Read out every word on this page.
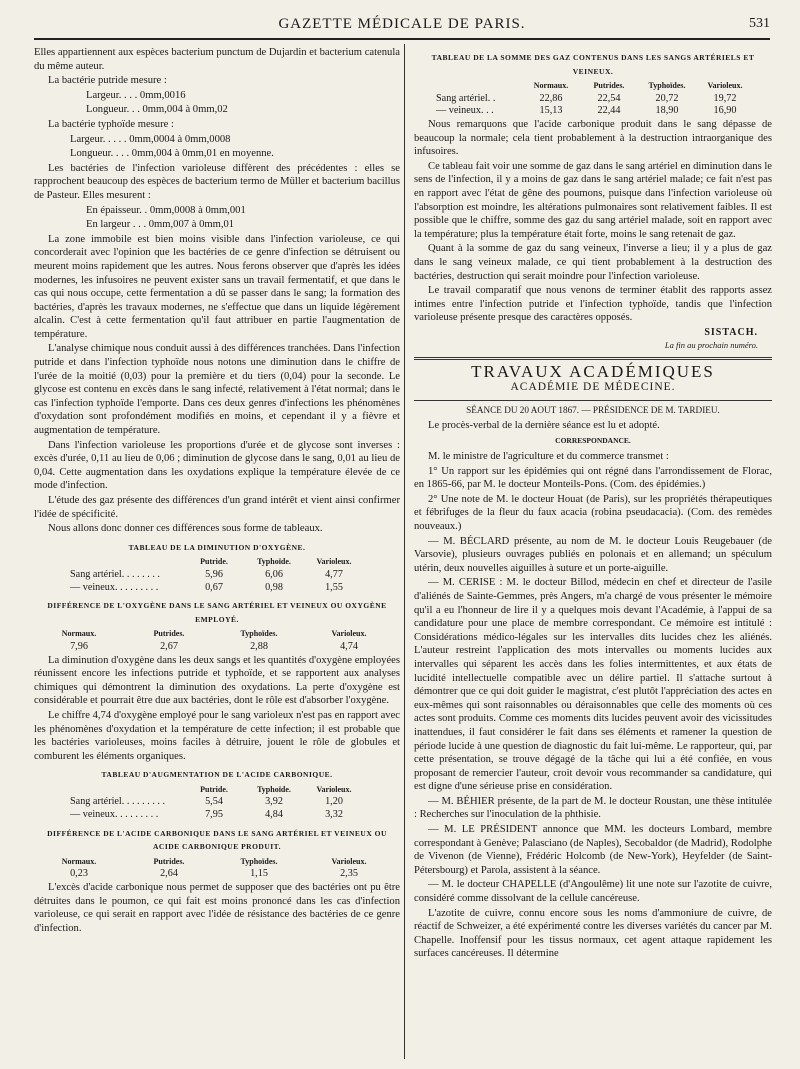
GAZETTE MÉDICALE DE PARIS.	531

Elles appartiennent aux espèces bacterium punctum de Dujardin et bacterium catenula du même auteur.

La bactérie putride mesure :

Largeur. . . . 0mm,0016

Longueur. . . 0mm,004 à 0mm,02

La bactérie typhoïde mesure :

Largeur. . . . . 0mm,0004 à 0mm,0008

Longueur. . . . 0mm,004 à 0mm,01 en moyenne.

Les bactéries de l'infection varioleuse diffèrent des précédentes : elles se rapprochent beaucoup des espèces de bacterium termo de Müller et bacterium bacillus de Pasteur. Elles mesurent :

En épaisseur. . 0mm,0008 à 0mm,001

En largeur . . . 0mm,007 à 0mm,01

La zone immobile est bien moins visible dans l'infection varioleuse, ce qui concorderait avec l'opinion que les bactéries de ce genre d'infection se détruisent ou meurent moins rapidement que les autres. Nous ferons observer que d'après les idées modernes, les infusoires ne peuvent exister sans un travail fermentatif, et que dans le cas qui nous occupe, cette fermentation a dû se passer dans le sang; la formation des bactéries, d'après les travaux modernes, ne s'effectue que dans un liquide légèrement alcalin. C'est à cette fermentation qu'il faut attribuer en partie l'augmentation de température.

L'analyse chimique nous conduit aussi à des différences tranchées. Dans l'infection putride et dans l'infection typhoïde nous notons une diminution dans le chiffre de l'urée de la moitié (0,03) pour la première et du tiers (0,04) pour la seconde. Le glycose est contenu en excès dans le sang infecté, relativement à l'état normal; dans le cas l'infection typhoïde l'emporte. Dans ces deux genres d'infections les phénomènes d'oxydation sont profondément modifiés en moins, et cependant il y a fièvre et augmentation de température.

Dans l'infection varioleuse les proportions d'urée et de glycose sont inverses : excès d'urée, 0,11 au lieu de 0,06 ; diminution de glycose dans le sang, 0,01 au lieu de 0,04. Cette augmentation dans les oxydations explique la température élevée de ce mode d'infection.

L'étude des gaz présente des différences d'un grand intérêt et vient ainsi confirmer l'idée de spécificité.

Nous allons donc donner ces différences sous forme de tableaux.

TABLEAU DE LA DIMINUTION D'OXYGÈNE.
Putride.	Typhoïde.	Varioleux.
Sang artériel. . . . . . . .	5,96	6,06	4,77
— veineux. . . . . . . . .	0,67	0,98	1,55
DIFFÉRENCE DE L'OXYGÈNE DANS LE SANG ARTÉRIEL ET VEINEUX OU OXYGÈNE EMPLOYÉ.
Normaux.	Putrides.	Typhoïdes.	Varioleux.
7,96	2,67	2,88	4,74

La diminution d'oxygène dans les deux sangs et les quantités d'oxygène employées réunissent encore les infections putride et typhoïde, et se rapportent aux analyses chimiques qui démontrent la diminution des oxydations. La perte d'oxygène est considérable et pourrait être due aux bactéries, dont le rôle est d'absorber l'oxygène.

Le chiffre 4,74 d'oxygène employé pour le sang varioleux n'est pas en rapport avec les phénomènes d'oxydation et la température de cette infection; il est probable que les bactéries varioleuses, moins faciles à détruire, jouent le rôle de globules et comburent les éléments organiques.

TABLEAU D'AUGMENTATION DE L'ACIDE CARBONIQUE.
Putride.	Typhoïde.	Varioleux.
Sang artériel. . . . . . . . .	5,54	3,92	1,20
— veineux. . . . . . . . .	7,95	4,84	3,32
DIFFÉRENCE DE L'ACIDE CARBONIQUE DANS LE SANG ARTÉRIEL ET VEINEUX OU ACIDE CARBONIQUE PRODUIT.
Normaux.	Putrides.	Typhoïdes.	Varioleux.
0,23	2,64	1,15	2,35

L'excès d'acide carbonique nous permet de supposer que des bactéries ont pu être détruites dans le poumon, ce qui fait est moins prononcé dans les cas d'infection varioleuse, ce qui serait en rapport avec l'idée de résistance des bactéries de ce genre d'infection.

TABLEAU DE LA SOMME DES GAZ CONTENUS DANS LES SANGS ARTÉRIELS ET VEINEUX.
Normaux.	Putrides.	Typhoïdes.	Varioleux.
Sang artériel. .	22,86	22,54	20,72	19,72
— veineux. . .	15,13	22,44	18,90	16,90

Nous remarquons que l'acide carbonique produit dans le sang dépasse de beaucoup la normale; cela tient probablement à la destruction intraorganique des infusoires.

Ce tableau fait voir une somme de gaz dans le sang artériel en diminution dans le sens de l'infection, il y a moins de gaz dans le sang artériel malade; ce fait n'est pas en rapport avec l'état de gêne des poumons, puisque dans l'infection varioleuse où l'absorption est moindre, les altérations pulmonaires sont relativement faibles. Il est possible que le chiffre, somme des gaz du sang artériel malade, soit en rapport avec la température; plus la température était forte, moins le sang retenait de gaz.

Quant à la somme de gaz du sang veineux, l'inverse a lieu; il y a plus de gaz dans le sang veineux malade, ce qui tient probablement à la destruction des bactéries, destruction qui serait moindre pour l'infection varioleuse.

Le travail comparatif que nous venons de terminer établit des rapports assez intimes entre l'infection putride et l'infection typhoïde, tandis que l'infection varioleuse présente presque des caractères opposés.

SISTACH.
La fin au prochain numéro.
TRAVAUX ACADÉMIQUES
ACADÉMIE DE MÉDECINE.
SÉANCE DU 20 AOUT 1867. — PRÉSIDENCE DE M. TARDIEU.

Le procès-verbal de la dernière séance est lu et adopté.

CORRESPONDANCE.

M. le ministre de l'agriculture et du commerce transmet :

1° Un rapport sur les épidémies qui ont régné dans l'arrondissement de Florac, en 1865-66, par M. le docteur Monteils-Pons. (Com. des épidémies.)

2° Une note de M. le docteur Houat (de Paris), sur les propriétés thérapeutiques et fébrifuges de la fleur du faux acacia (robina pseudacacia). (Com. des remèdes nouveaux.)

— M. BÉCLARD présente, au nom de M. le docteur Louis Reugebauer (de Varsovie), plusieurs ouvrages publiés en polonais et en allemand; un spéculum utérin, deux nouvelles aiguilles à suture et un porte-aiguille.

— M. CERISE : M. le docteur Billod, médecin en chef et directeur de l'asile d'aliénés de Sainte-Gemmes, près Angers, m'a chargé de vous présenter le mémoire qu'il a eu l'honneur de lire il y a quelques mois devant l'Académie, à l'appui de sa candidature pour une place de membre correspondant. Ce mémoire est intitulé : Considérations médico-légales sur les intervalles dits lucides chez les aliénés. L'auteur restreint l'application des mots intervalles ou moments lucides aux intervalles qui séparent les accès dans les folies intermittentes, et aux états de lucidité intellectuelle compatible avec un délire partiel. Il s'attache surtout à démontrer que ce qui doit guider le magistrat, c'est plutôt l'appréciation des actes en eux-mêmes qui sont raisonnables ou déraisonnables que celle des moments où ces actes sont produits. Comme ces moments dits lucides peuvent avoir des vicissitudes inattendues, il faut considérer le fait dans ses éléments et ramener la question de période lucide à une question de diagnostic du fait lui-même. Le rapporteur, qui, par cette présentation, se trouve dégagé de la tâche qui lui a été confiée, en vous proposant de remercier l'auteur, croit devoir vous recommander sa candidature, qui est digne d'une sérieuse prise en considération.

— M. BÉHIER présente, de la part de M. le docteur Roustan, une thèse intitulée : Recherches sur l'inoculation de la phthisie.

— M. LE PRÉSIDENT annonce que MM. les docteurs Lombard, membre correspondant à Genève; Palasciano (de Naples), Secobaldor (de Madrid), Rodolphe de Vivenon (de Vienne), Frédéric Holcomb (de New-York), Heyfelder (de Saint-Pétersbourg) et Parola, assistent à la séance.

— M. le docteur CHAPELLE (d'Angoulême) lit une note sur l'azotite de cuivre, considéré comme dissolvant de la cellule cancéreuse.

L'azotite de cuivre, connu encore sous les noms d'ammoniure de cuivre, de réactif de Schweizer, a été expérimenté contre les diverses variétés du cancer par M. Chapelle. Inoffensif pour les tissus normaux, cet agent attaque rapidement les surfaces cancéreuses. Il détermine
